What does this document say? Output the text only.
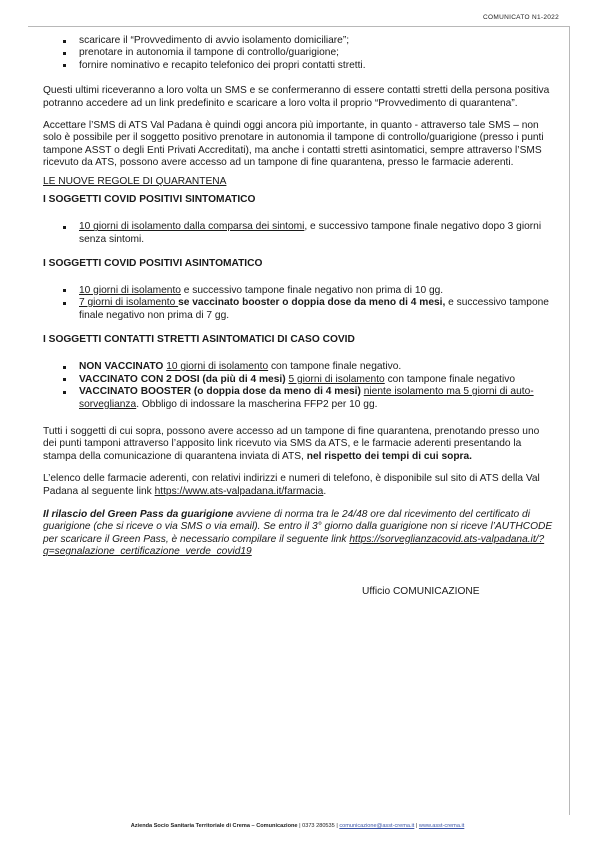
COMUNICATO N1-2022
scaricare il “Provvedimento di avvio isolamento domiciliare”;
prenotare in autonomia il tampone di controllo/guarigione;
fornire nominativo e recapito telefonico dei propri contatti stretti.

Questi ultimi riceveranno a loro volta un SMS e se confermeranno di essere contatti stretti della persona positiva potranno accedere ad un link predefinito e scaricare a loro volta il proprio “Provvedimento di quarantena”.

Accettare l’SMS di ATS Val Padana è quindi oggi ancora più importante, in quanto - attraverso tale SMS – non solo è possibile per il soggetto positivo prenotare in autonomia il tampone di controllo/guarigione (presso i punti tampone ASST o degli Enti Privati Accreditati), ma anche i contatti stretti asintomatici, sempre attraverso l’SMS ricevuto da ATS, possono avere accesso ad un tampone di fine quarantena, presso le farmacie aderenti.

LE NUOVE REGOLE DI QUARANTENA

I SOGGETTI COVID POSITIVI SINTOMATICO

10 giorni di isolamento dalla comparsa dei sintomi, e successivo tampone finale negativo dopo 3 giorni senza sintomi.

I SOGGETTI COVID POSITIVI ASINTOMATICO

10 giorni di isolamento e successivo tampone finale negativo non prima di 10 gg.
7 giorni di isolamento se vaccinato booster o doppia dose da meno di 4 mesi, e successivo tampone finale negativo non prima di 7 gg.

I SOGGETTI CONTATTI STRETTI ASINTOMATICI DI CASO COVID

NON VACCINATO 10 giorni di isolamento con tampone finale negativo.
VACCINATO CON 2 DOSI (da più di 4 mesi) 5 giorni di isolamento con tampone finale negativo
VACCINATO BOOSTER (o doppia dose da meno di 4 mesi) niente isolamento ma 5 giorni di auto-sorveglianza. Obbligo di indossare la mascherina FFP2 per 10 gg.

Tutti i soggetti di cui sopra, possono avere accesso ad un tampone di fine quarantena, prenotando presso uno dei punti tamponi attraverso l’apposito link ricevuto via SMS da ATS, e le farmacie aderenti presentando la stampa della comunicazione di quarantena inviata di ATS, nel rispetto dei tempi di cui sopra.

L’elenco delle farmacie aderenti, con relativi indirizzi e numeri di telefono, è disponibile sul sito di ATS della Val Padana al seguente link https://www.ats-valpadana.it/farmacia.

Il rilascio del Green Pass da guarigione avviene di norma tra le 24/48 ore dal ricevimento del certificato di guarigione (che si riceve o via SMS o via email). Se entro il 3° giorno dalla guarigione non si riceve l’AUTHCODE per scaricare il Green Pass, è necessario compilare il seguente link https://sorveglianzacovid.ats-valpadana.it/?q=segnalazione_certificazione_verde_covid19

Ufficio COMUNICAZIONE

Azienda Socio Sanitaria Territoriale di Crema – Comunicazione | 0373 280535 | comunicazione@asst-crema.it | www.asst-crema.it
